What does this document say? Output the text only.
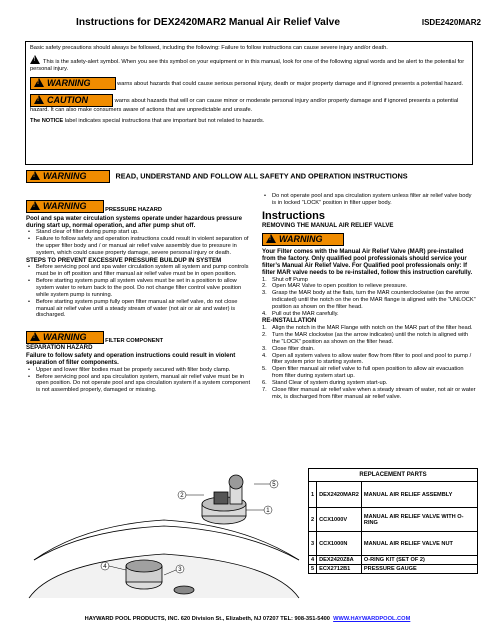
Instructions for DEX2420MAR2 Manual Air Relief Valve	ISDE2420MAR2

Basic safety precautions should always be followed, including the following: Failure to follow instructions can cause severe injury and/or death.

!This is the safety-alert symbol. When you see this symbol on your equipment or in this manual, look for one of the following signal words and be alert to the potential for personal injury.

!WARNING	warns about hazards that could cause serious personal injury, death or major property damage and if ignored presents a potential hazard.

!CAUTION	warns about hazards that will or can cause minor or moderate personal injury and/or property damage and if ignored presents a potential hazard. It can also make consumers aware of actions that are unpredictable and unsafe.

The NOTICE label indicates special instructions that are important but not related to hazards.

!WARNING	READ, UNDERSTAND AND FOLLOW ALL SAFETY AND OPERATION INSTRUCTIONS
!WARNING	PRESSURE HAZARD
Pool and spa water circulation systems operate under hazardous pressure during start up, normal operation, and after pump shut off.
• Stand clear of filter during pump start up.
• Failure to follow safety and operation instructions could result in violent separation of the upper filter body and / or manual air relief valve assembly due to pressure in system, which could cause property damage, severe personal injury or death.
STEPS TO PREVENT EXCESSIVE PRESSURE BUILDUP IN SYSTEM
• Before servicing pool and spa water circulation system all system and pump controls must be in off position and filter manual air relief valve must be in open position.
• Before starting system pump all system valves must be set in a position to allow system water to return back to the pool. Do not change filter control valve position while system pump is running.
• Before starting system pump fully open filter manual air relief valve, do not close manual air relief valve until a steady stream of water (not air or air and water) is discharged.
!WARNING	FILTER COMPONENT
SEPARATION HAZARD
Failure to follow safety and operation instructions could result in violent separation of filter components.
• Upper and lower filter bodies must be properly secured with filter body clamp.
• Before servicing pool and spa circulation system, manual air relief valve must be in open position. Do not operate pool and spa circulation system if a system component is not assembled properly, damaged or missing.
• Do not operate pool and spa circulation system unless filter air relief valve body is in locked “LOCK” position in filter upper body.
Instructions
REMOVING THE MANUAL AIR RELIEF VALVE
!WARNING
Your Filter comes with the Manual Air Relief Valve (MAR) pre-installed from the factory. Only qualified pool professionals should service your filter’s Manual Air Relief Valve. For Qualified pool professionals only: If filter MAR valve needs to be re-installed, follow this instruction carefully.
1. Shut off Pump
2. Open MAR Valve to open position to relieve pressure.
3. Grasp the MAR body at the flats, turn the MAR counterclockwise (as the arrow indicated) until the notch on the on the MAR flange is aligned with the “UNLOCK” position as shown on the filter head.
4. Pull out the MAR carefully.
RE-INSTALLATION
1. Align the notch in the MAR Flange with notch on the MAR part of the filter head.
2. Turn the MAR clockwise (as the arrow indicates) until the notch is aligned with the “LOCK” position as shown on the filter head.
3. Close filter drain.
4. Open all system valves to allow water flow from filter to pool and pool to pump / filter system prior to starting system.
5. Open filter manual air relief valve to full open position to allow air evacuation from filter during system start up.
6. Stand Clear of system during system start-up.
7. Close filter manual air relief valve when a steady stream of water, not air or water mix, is discharged from filter manual air relief valve.
2
1
3
4
5
REPLACEMENT PARTS		
1	DEX2420MAR2	MANUAL AIR RELIEF ASSEMBLY
2	CCX1000V	MANUAL AIR RELIEF VALVE WITH O-RING
3	CCX1000N	MANUAL AIR RELIEF VALVE NUT
4	DEX2420Z8A	O-RING KIT (SET OF 2)
5	ECX2712B1	PRESSURE GAUGE
HAYWARD POOL PRODUCTS, INC. 620 Division St., Elizabeth, NJ 07207 TEL: 908-351-5400 WWW.HAYWARDPOOL.COM
